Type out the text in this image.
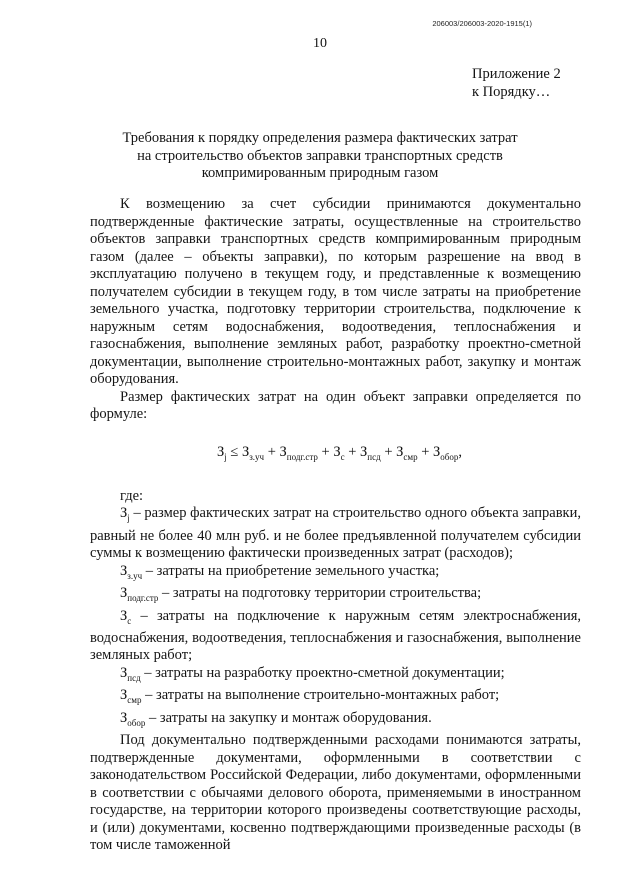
206003/206003-2020-1915(1)
10
Приложение 2
к Порядку…
Требования к порядку определения размера фактических затрат
на строительство объектов заправки транспортных средств
компримированным природным газом

К возмещению за счет субсидии принимаются документально подтвержденные фактические затраты, осуществленные на строительство объектов заправки транспортных средств компримированным природным газом (далее – объекты заправки), по которым разрешение на ввод в эксплуатацию получено в текущем году, и представленные к возмещению получателем субсидии в текущем году, в том числе затраты на приобретение земельного участка, подготовку территории строительства, подключение к наружным сетям водоснабжения, водоотведения, теплоснабжения и газоснабжения, выполнение земляных работ, разработку проектно-сметной документации, выполнение строительно-монтажных работ, закупку и монтаж оборудования.

Размер фактических затрат на один объект заправки определяется по формуле:

$З_j \le З_{з.уч} + З_{подг.стр} + З_с + З_{псд} + З_{смр} + З_{обор}$,

где:

$З_j$ – размер фактических затрат на строительство одного объекта заправки, равный не более 40 млн руб. и не более предъявленной получателем субсидии суммы к возмещению фактически произведенных затрат (расходов);

$З_{з.уч}$ – затраты на приобретение земельного участка;

$З_{подг.стр}$ – затраты на подготовку территории строительства;

$З_с$ – затраты на подключение к наружным сетям электроснабжения, водоснабжения, водоотведения, теплоснабжения и газоснабжения, выполнение земляных работ;

$З_{псд}$ – затраты на разработку проектно-сметной документации;

$З_{смр}$ – затраты на выполнение строительно-монтажных работ;

$З_{обор}$ – затраты на закупку и монтаж оборудования.

Под документально подтвержденными расходами понимаются затраты, подтвержденные документами, оформленными в соответствии с законодательством Российской Федерации, либо документами, оформленными в соответствии с обычаями делового оборота, применяемыми в иностранном государстве, на территории которого произведены соответствующие расходы, и (или) документами, косвенно подтверждающими произведенные расходы (в том числе таможенной
